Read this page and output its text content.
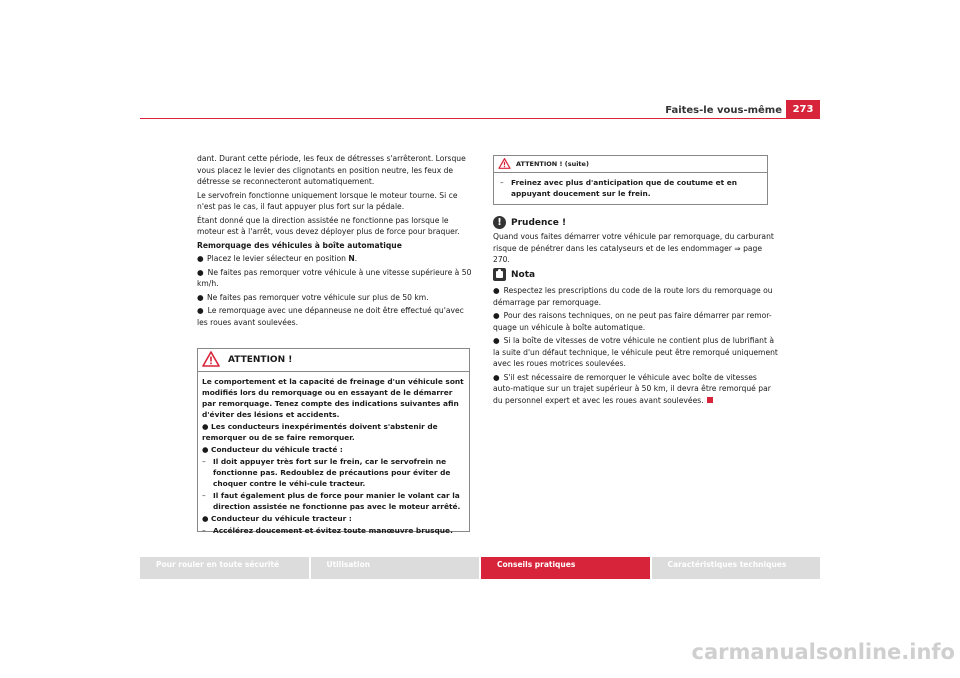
Faites-le vous-même	273

dant. Durant cette période, les feux de détresses s'arrêteront. Lorsque vous placez le levier des clignotants en position neutre, les feux de détresse se reconnecteront automatiquement.

Le servofrein fonctionne uniquement lorsque le moteur tourne. Si ce n'est pas le cas, il faut appuyer plus fort sur la pédale.

Étant donné que la direction assistée ne fonctionne pas lorsque le moteur est à l'arrêt, vous devez déployer plus de force pour braquer.

Remorquage des véhicules à boîte automatique

● Placez le levier sélecteur en position N.
● Ne faites pas remorquer votre véhicule à une vitesse supérieure à 50 km/h.
● Ne faites pas remorquer votre véhicule sur plus de 50 km.
● Le remorquage avec une dépanneuse ne doit être effectué qu'avec les roues avant soulevées.
ATTENTION !

Le comportement et la capacité de freinage d'un véhicule sont modifiés lors du remorquage ou en essayant de le démarrer par remorquage. Tenez compte des indications suivantes afin d'éviter des lésions et accidents.

● Les conducteurs inexpérimentés doivent s'abstenir de remorquer ou de se faire remorquer.
● Conducteur du véhicule tracté :
– Il doit appuyer très fort sur le frein, car le servofrein ne fonctionne pas. Redoublez de précautions pour éviter de choquer contre le véhi-cule tracteur.
– Il faut également plus de force pour manier le volant car la direction assistée ne fonctionne pas avec le moteur arrêté.
● Conducteur du véhicule tracteur :
– Accélérez doucement et évitez toute manœuvre brusque.
ATTENTION ! (suite)
– Freinez avec plus d'anticipation que de coutume et en appuyant doucement sur le frein.
!	Prudence !
Quand vous faites démarrer votre véhicule par remorquage, du carburant risque de pénétrer dans les catalyseurs et de les endommager ⇒ page 270.
Nota
● Respectez les prescriptions du code de la route lors du remorquage ou démarrage par remorquage.
● Pour des raisons techniques, on ne peut pas faire démarrer par remor-quage un véhicule à boîte automatique.
● Si la boîte de vitesses de votre véhicule ne contient plus de lubrifiant à la suite d'un défaut technique, le véhicule peut être remorqué uniquement avec les roues motrices soulevées.
● S'il est nécessaire de remorquer le véhicule avec boîte de vitesses auto-matique sur un trajet supérieur à 50 km, il devra être remorqué par du personnel expert et avec les roues avant soulevées.
Pour rouler en toute sécurité	Utilisation	Conseils pratiques	Caractéristiques techniques
carmanualsonline.info
